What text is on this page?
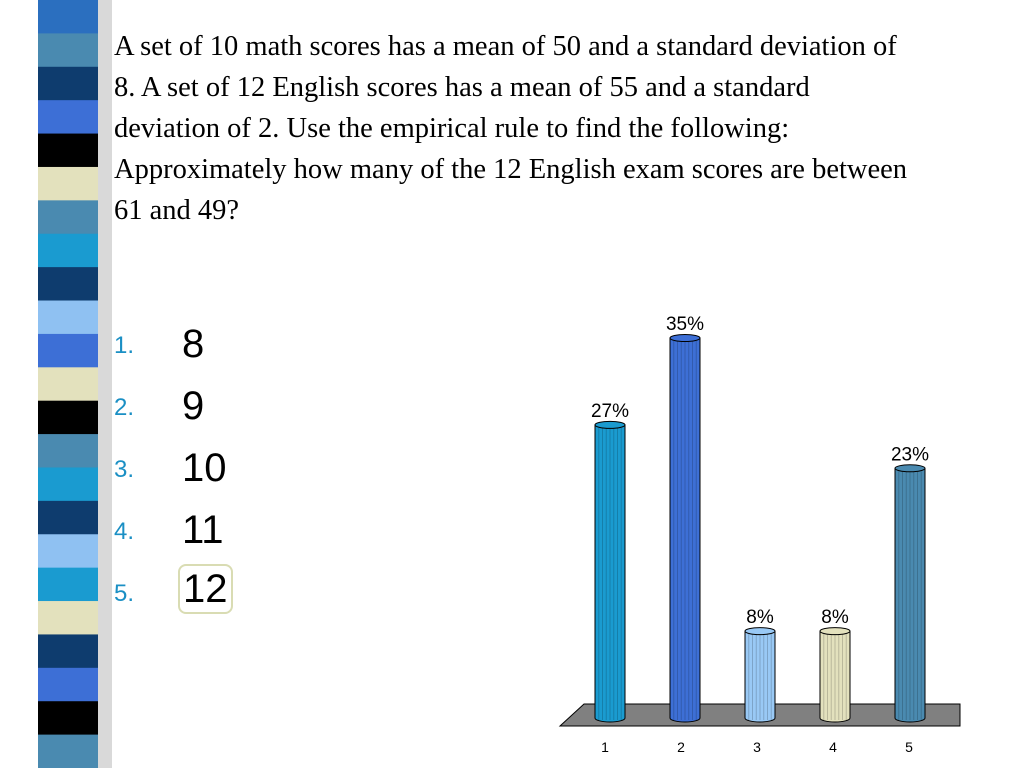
A set of 10 math scores has a mean of 50 and a standard deviation of 8. A set of 12 English scores has a mean of 55 and a standard deviation of 2. Use the empirical rule to find the following:

Approximately how many of the 12 English exam scores are between 61 and 49?

1. 8
2. 9
3. 10
4. 11
5. 12
27%
1
35%
2
8%
3
8%
4
23%
5
